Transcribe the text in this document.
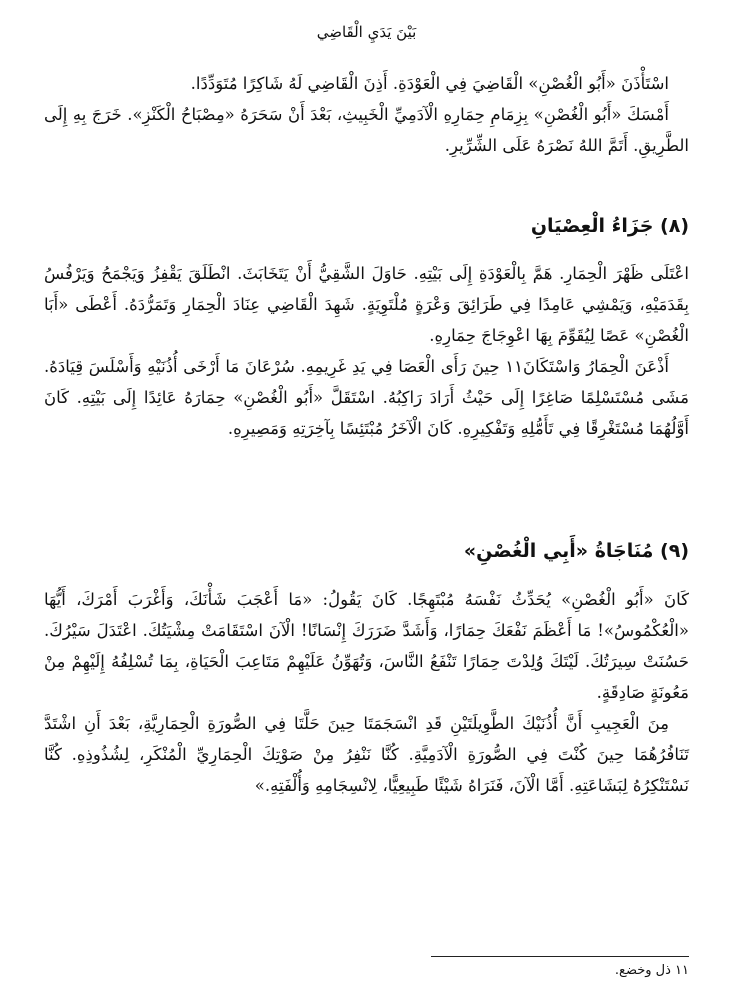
بَيْنَ يَدَيِ الْقَاضِي

اسْتَأْذَنَ «أَبُو الْغُصْنِ» الْقَاضِيَ فِي الْعَوْدَةِ. أَذِنَ الْقَاضِي لَهُ شَاكِرًا مُتَوَدِّدًا.

أَمْسَكَ «أَبُو الْغُصْنِ» بِزِمَامِ حِمَارِهِ الْآدَمِيِّ الْخَبِيثِ، بَعْدَ أَنْ سَحَرَهُ «مِصْبَاحُ الْكَنْزِ». خَرَجَ بِهِ إِلَى الطَّرِيقِ. أَتَمَّ اللهُ نَصْرَهُ عَلَى الشِّرِّيرِ.

(٨) جَزَاءُ الْعِصْيَانِ

اعْتَلَى ظَهْرَ الْحِمَارِ. هَمَّ بِالْعَوْدَةِ إِلَى بَيْتِهِ. حَاوَلَ الشَّقِيُّ أَنْ يَتَخَابَثَ. انْطَلَقَ يَقْفِزُ وَيَجْمَحُ وَيَرْفُسُ بِقَدَمَيْهِ، وَيَمْشِي عَامِدًا فِي طَرَائِقَ وَعْرَةٍ مُلْتَوِيَةٍ. شَهِدَ الْقَاضِي عِنَادَ الْحِمَارِ وَتَمَرُّدَهُ. أَعْطَى «أَبَا الْغُصْنِ» عَصًا لِيُقَوِّمَ بِهَا اعْوِجَاجَ حِمَارِهِ.

أَذْعَنَ الْحِمَارُ وَاسْتَكَانَ١١ حِينَ رَأَى الْعَصَا فِي يَدِ غَرِيمِهِ. سُرْعَانَ مَا أَرْخَى أُذُنَيْهِ وَأَسْلَسَ قِيَادَهُ. مَشَى مُسْتَسْلِمًا صَاغِرًا إِلَى حَيْثُ أَرَادَ رَاكِبُهُ. اسْتَقَلَّ «أَبُو الْغُصْنِ» حِمَارَهُ عَائِدًا إِلَى بَيْتِهِ. كَانَ أَوَّلُهُمَا مُسْتَغْرِقًا فِي تَأَمُّلِهِ وَتَفْكِيرِهِ. كَانَ الْآخَرُ مُبْتَئِسًا بِآخِرَتِهِ وَمَصِيرِهِ.

(٩) مُنَاجَاةُ «أَبِي الْغُصْنِ»

كَانَ «أَبُو الْغُصْنِ» يُحَدِّثُ نَفْسَهُ مُبْتَهِجًا. كَانَ يَقُولُ: «مَا أَعْجَبَ شَأْنَكَ، وَأَغْرَبَ أَمْرَكَ، أَيُّهَا «الْعُكْمُوسُ»! مَا أَعْظَمَ نَفْعَكَ حِمَارًا، وَأَشَدَّ ضَرَرَكَ إِنْسَانًا! الْآنَ اسْتَقَامَتْ مِشْيَتُكَ. اعْتَدَلَ سَيْرُكَ. حَسُنَتْ سِيرَتُكَ. لَيْتَكَ وُلِدْتَ حِمَارًا تَنْفَعُ النَّاسَ، وَتُهَوِّنُ عَلَيْهِمْ مَتَاعِبَ الْحَيَاةِ، بِمَا تُسْلِفُهُ إِلَيْهِمْ مِنْ مَعُونَةٍ صَادِقَةٍ.

مِنَ الْعَجِيبِ أَنَّ أُذُنَيْكَ الطَّوِيلَتَيْنِ قَدِ انْسَجَمَتَا حِينَ حَلَّتَا فِي الصُّورَةِ الْحِمَارِيَّةِ، بَعْدَ أَنِ اشْتَدَّ تَنَافُرُهُمَا حِينَ كُنْتَ فِي الصُّورَةِ الْآدَمِيَّةِ. كُنَّا نَنْفِرُ مِنْ صَوْتِكَ الْحِمَارِيِّ الْمُنْكَرِ، لِشُذُوذِهِ. كُنَّا نَسْتَنْكِرُهُ لِبَشَاعَتِهِ. أَمَّا الْآنَ، فَنَرَاهُ شَيْئًا طَبِيعِيًّا، لِانْسِجَامِهِ وَأُلْفَتِهِ.»

١١ ذل وخضع.
